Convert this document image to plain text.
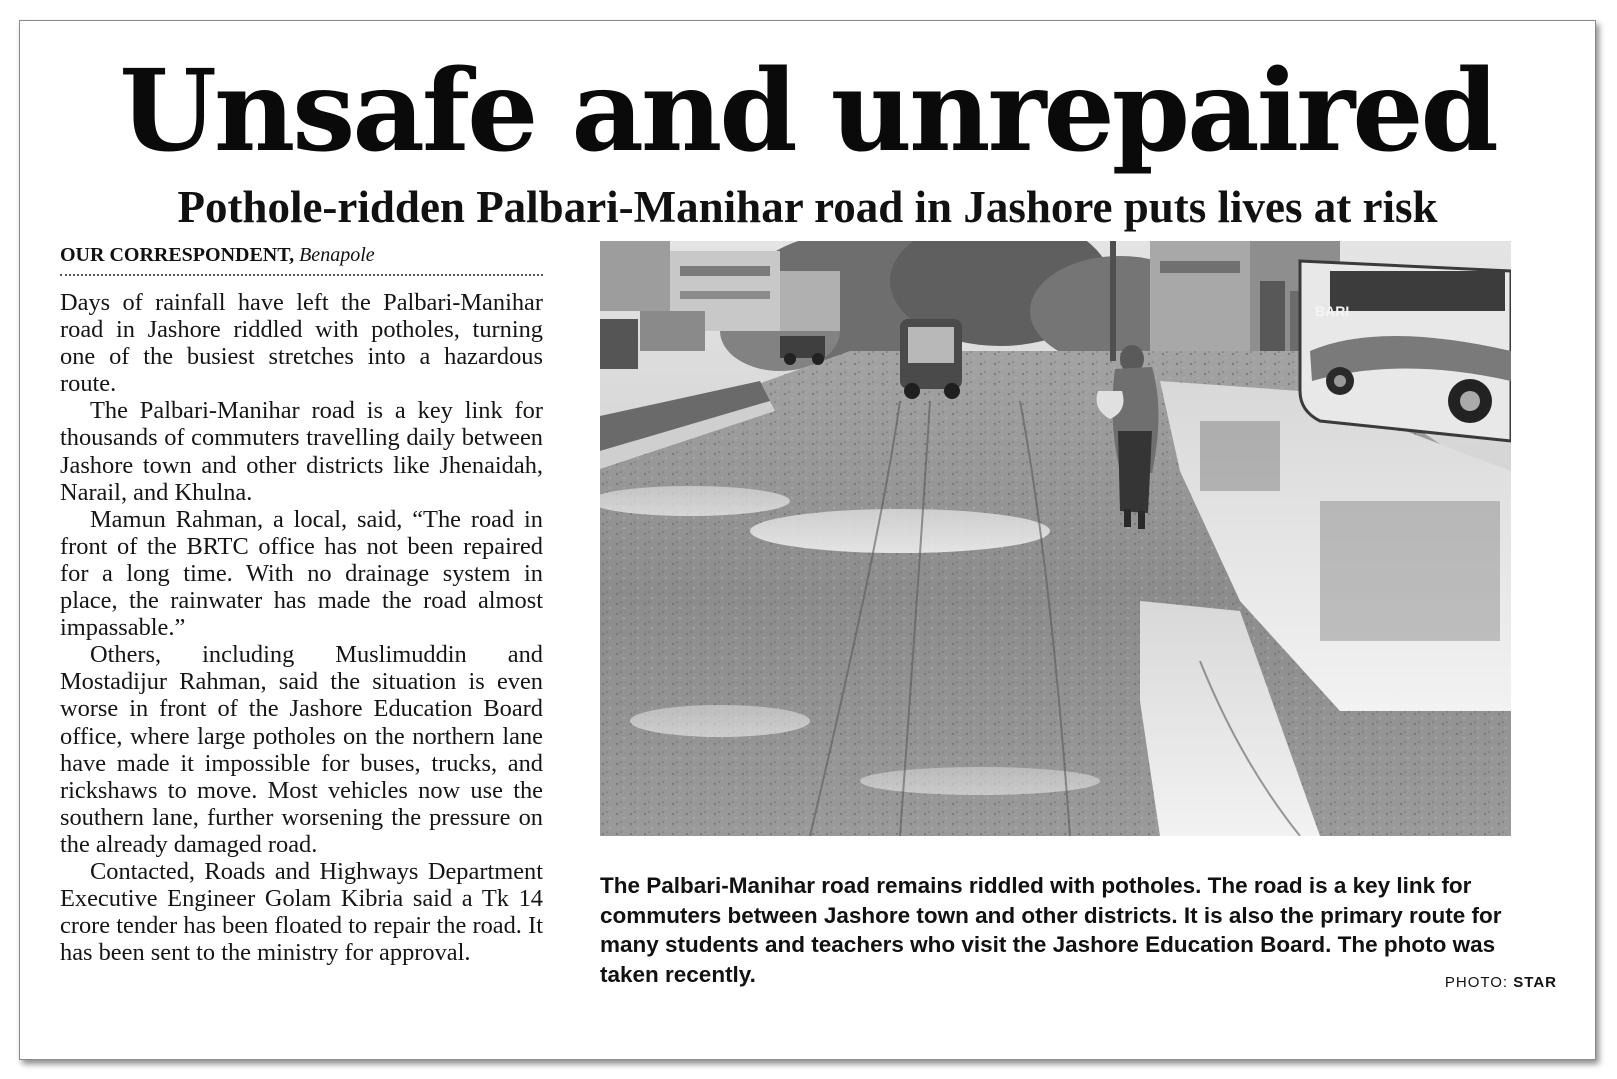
Unsafe and unrepaired
Pothole-ridden Palbari-Manihar road in Jashore puts lives at risk
OUR CORRESPONDENT, Benapole

Days of rainfall have left the Palbari-Manihar road in Jashore riddled with potholes, turning one of the busiest stretches into a hazardous route.

The Palbari-Manihar road is a key link for thousands of commuters travelling daily between Jashore town and other districts like Jhenaidah, Narail, and Khulna.

Mamun Rahman, a local, said, “The road in front of the BRTC office has not been repaired for a long time. With no drainage system in place, the rainwater has made the road almost impassable.”

Others, including Muslimuddin and Mostadijur Rahman, said the situation is even worse in front of the Jashore Education Board office, where large potholes on the northern lane have made it impossible for buses, trucks, and rickshaws to move. Most vehicles now use the southern lane, further worsening the pressure on the already damaged road.

Contacted, Roads and Highways Department Executive Engineer Golam Kibria said a Tk 14 crore tender has been floated to repair the road. It has been sent to the ministry for approval.

BARI

The Palbari-Manihar road remains riddled with potholes. The road is a key link for commuters between Jashore town and other districts. It is also the primary route for many students and teachers who visit the Jashore Education Board. The photo was taken recently.	PHOTO: STAR
